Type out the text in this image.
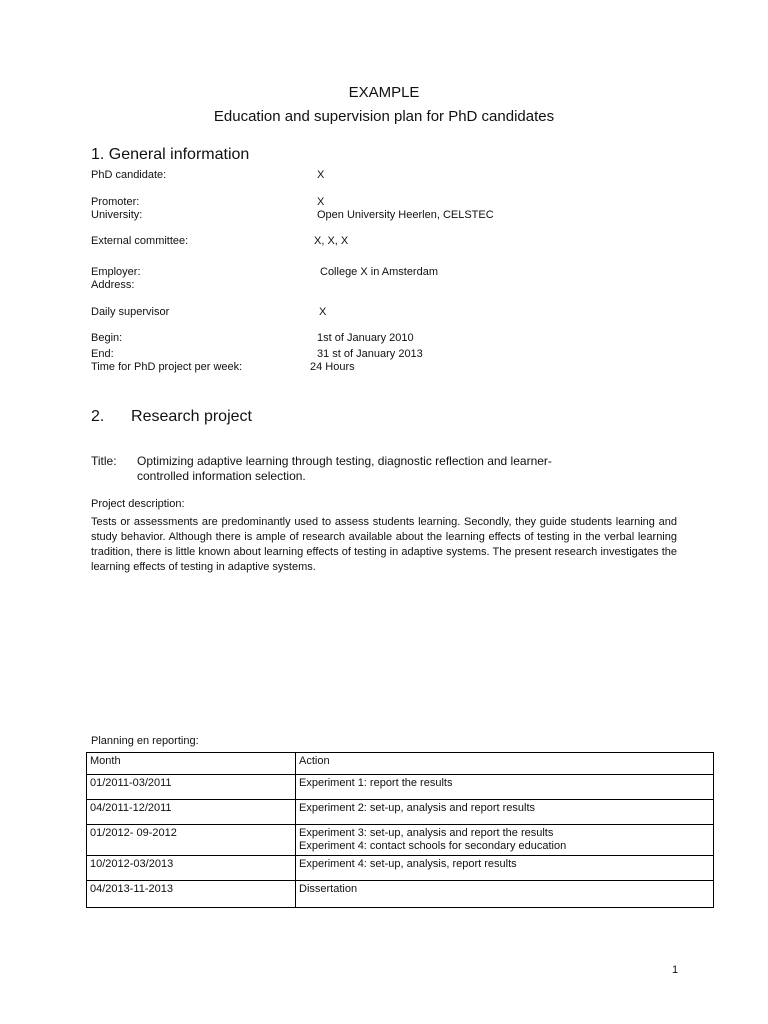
EXAMPLE
Education and supervision plan for PhD candidates
1. General information
PhD candidate:	X
Promoter:	X
University:	Open University Heerlen, CELSTEC
External committee:	X, X, X
Employer:	College X in Amsterdam
Address:
Daily supervisor	X
Begin:	1st of January 2010
End:	31 st of January 2013
Time for PhD project per week:	24 Hours
2.      Research project
Title: Optimizing adaptive learning through testing, diagnostic reflection and learner-
controlled information selection.
Project description:
Tests or assessments are predominantly used to assess students learning. Secondly, they guide students learning and study behavior. Although there is ample of research available about the learning effects of testing in the verbal learning tradition, there is little known about learning effects of testing in adaptive systems. The present research investigates the learning effects of testing in adaptive systems.
Planning en reporting:
Month	Action
01/2011-03/2011	Experiment 1: report the results

04/2011-12/2011	Experiment 2: set-up, analysis and report results

01/2012- 09-2012	Experiment 3: set-up, analysis and report the results
Experiment 4: contact schools for secondary education

10/2012-03/2013	Experiment 4: set-up, analysis, report results

04/2013-11-2013	Dissertation
1
